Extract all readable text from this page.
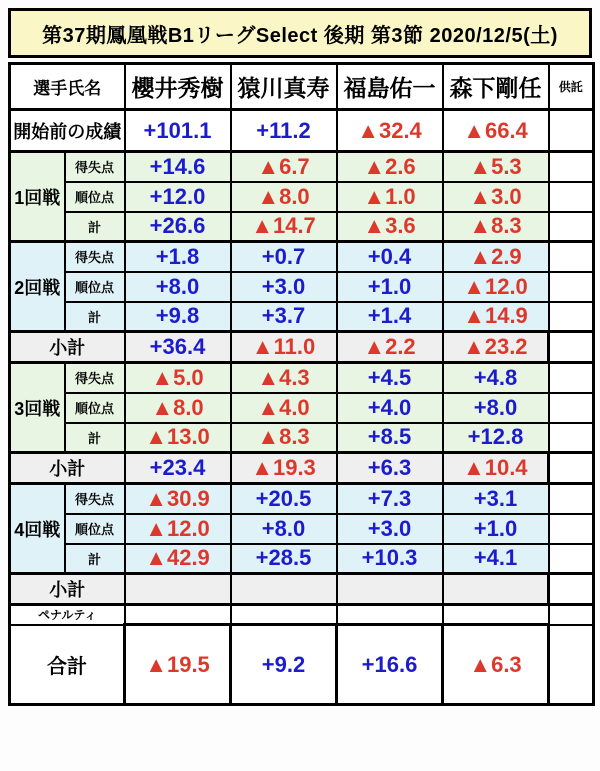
第37期鳳凰戦B1リーグSelect 後期 第3節 2020/12/5(土)
選手氏名		櫻井秀樹	猿川真寿	福島佑一	森下剛任	供託
開始前の成績		+101.1	+11.2	▲32.4	▲66.4	
1回戦	得失点	+14.6	▲6.7	▲2.6	▲5.3	
	順位点	+12.0	▲8.0	▲1.0	▲3.0	
	計	+26.6	▲14.7	▲3.6	▲8.3	
2回戦	得失点	+1.8	+0.7	+0.4	▲2.9	
	順位点	+8.0	+3.0	+1.0	▲12.0	
	計	+9.8	+3.7	+1.4	▲14.9	
小計		+36.4	▲11.0	▲2.2	▲23.2	
3回戦	得失点	▲5.0	▲4.3	+4.5	+4.8	
	順位点	▲8.0	▲4.0	+4.0	+8.0	
	計	▲13.0	▲8.3	+8.5	+12.8	
小計		+23.4	▲19.3	+6.3	▲10.4	
4回戦	得失点	▲30.9	+20.5	+7.3	+3.1	
	順位点	▲12.0	+8.0	+3.0	+1.0	
	計	▲42.9	+28.5	+10.3	+4.1	
小計						
ペナルティ						
合計		▲19.5	+9.2	+16.6	▲6.3	
